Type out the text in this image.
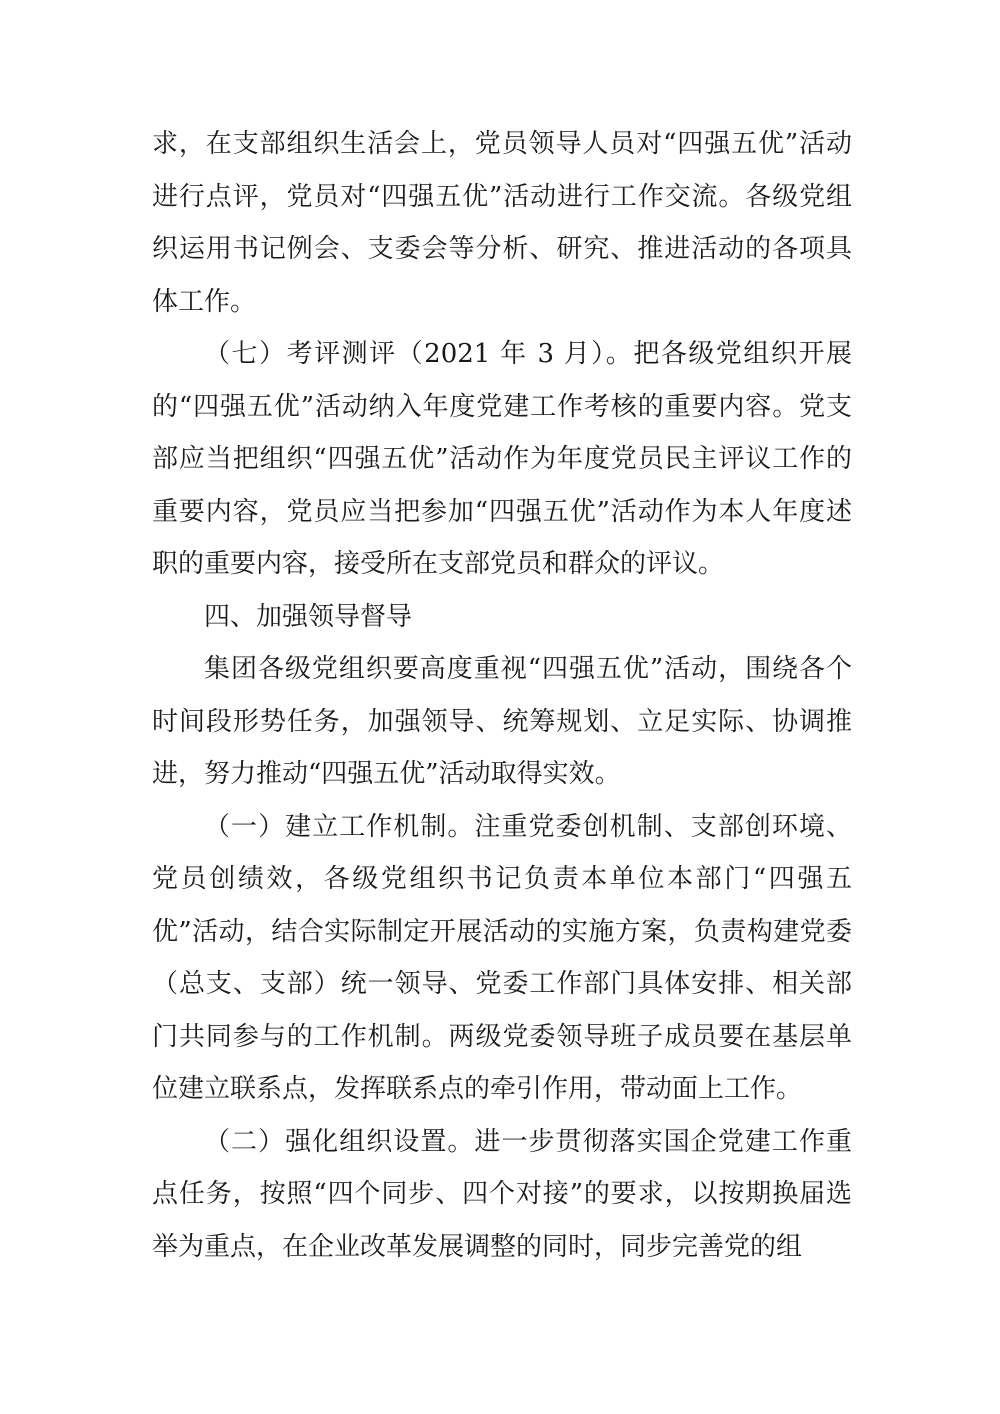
求，在支部组织生活会上，党员领导人员对“四强五优”活动进行点评，党员对“四强五优”活动进行工作交流。各级党组织运用书记例会、支委会等分析、研究、推进活动的各项具体工作。

（七）考评测评（2021 年 3 月）。把各级党组织开展的“四强五优”活动纳入年度党建工作考核的重要内容。党支部应当把组织“四强五优”活动作为年度党员民主评议工作的重要内容，党员应当把参加“四强五优”活动作为本人年度述职的重要内容，接受所在支部党员和群众的评议。

四、加强领导督导

集团各级党组织要高度重视“四强五优”活动，围绕各个时间段形势任务，加强领导、统筹规划、立足实际、协调推进，努力推动“四强五优”活动取得实效。

（一）建立工作机制。注重党委创机制、支部创环境、党员创绩效，各级党组织书记负责本单位本部门“四强五优”活动，结合实际制定开展活动的实施方案，负责构建党委（总支、支部）统一领导、党委工作部门具体安排、相关部门共同参与的工作机制。两级党委领导班子成员要在基层单位建立联系点，发挥联系点的牵引作用，带动面上工作。

（二）强化组织设置。进一步贯彻落实国企党建工作重点任务，按照“四个同步、四个对接”的要求，以按期换届选举为重点，在企业改革发展调整的同时，同步完善党的组
